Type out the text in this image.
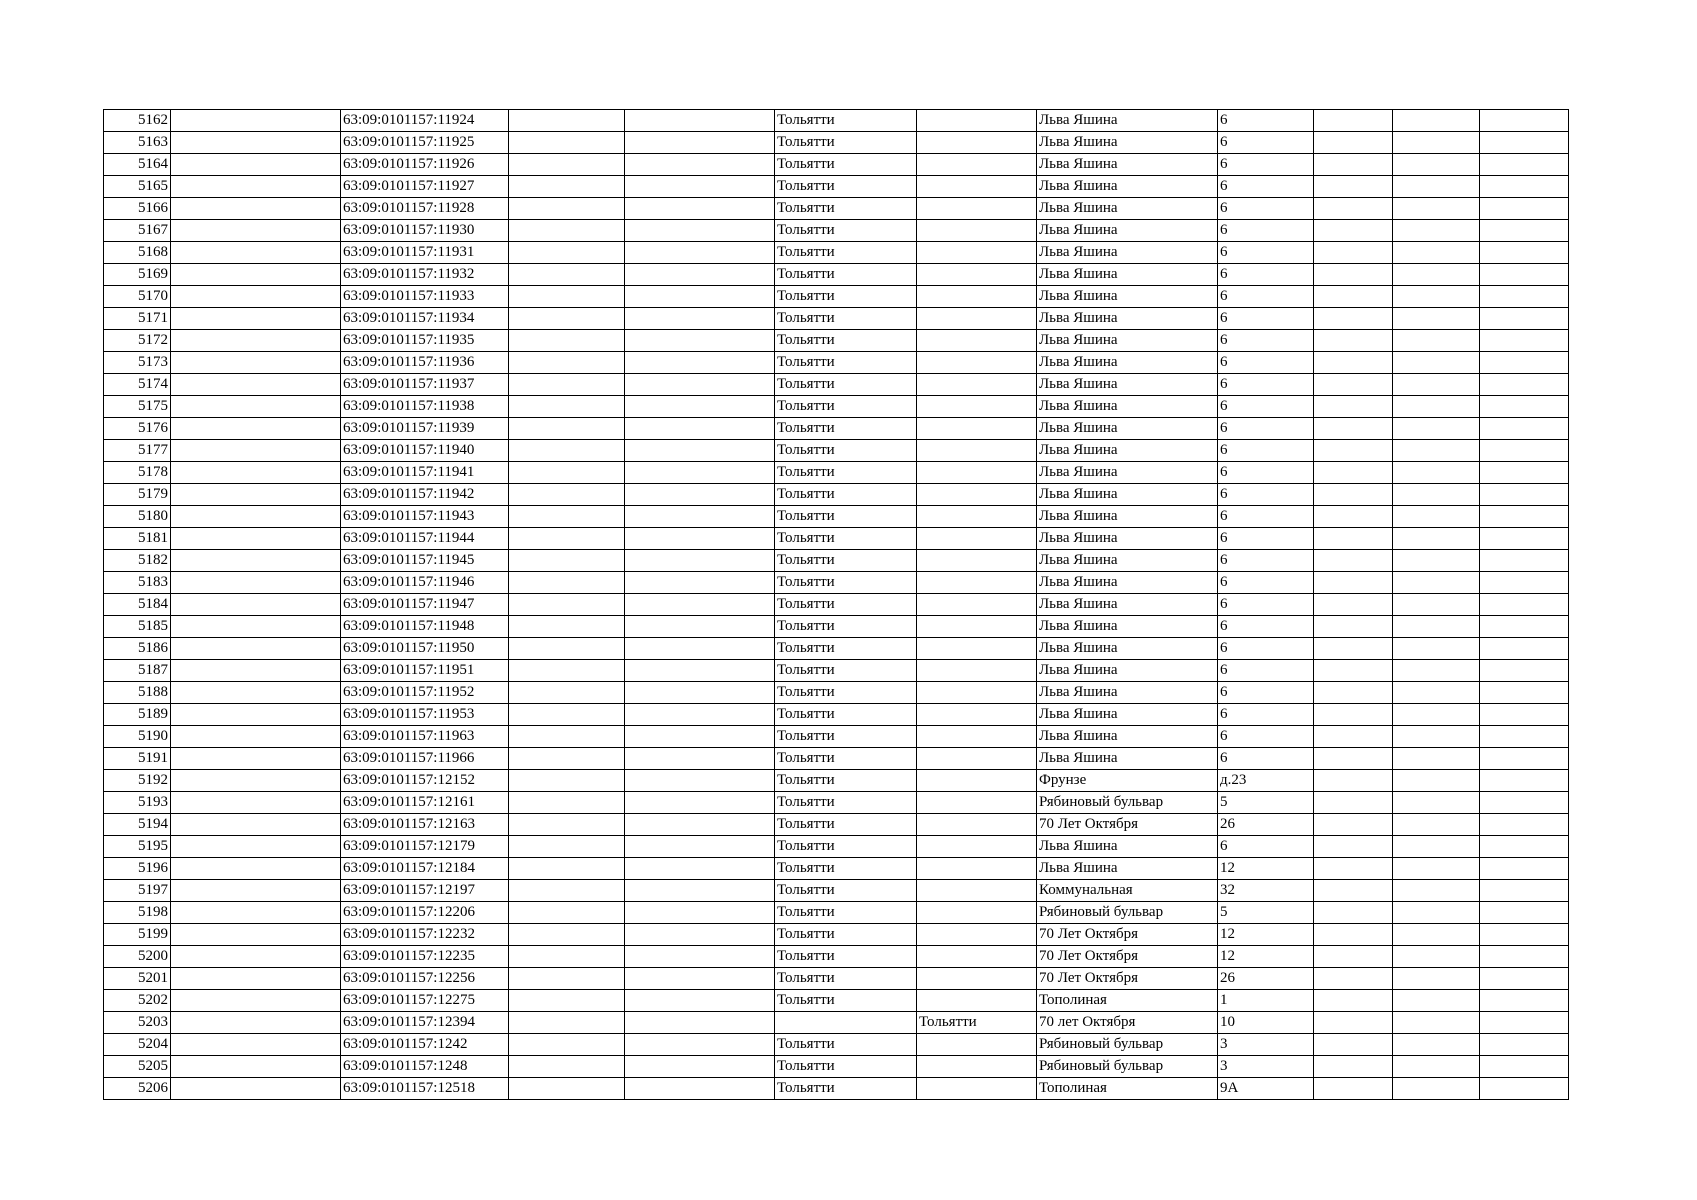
5162		63:09:0101157:11924			Тольятти		Льва Яшина	6			
5163		63:09:0101157:11925			Тольятти		Льва Яшина	6			
5164		63:09:0101157:11926			Тольятти		Льва Яшина	6			
5165		63:09:0101157:11927			Тольятти		Льва Яшина	6			
5166		63:09:0101157:11928			Тольятти		Льва Яшина	6			
5167		63:09:0101157:11930			Тольятти		Льва Яшина	6			
5168		63:09:0101157:11931			Тольятти		Льва Яшина	6			
5169		63:09:0101157:11932			Тольятти		Льва Яшина	6			
5170		63:09:0101157:11933			Тольятти		Льва Яшина	6			
5171		63:09:0101157:11934			Тольятти		Льва Яшина	6			
5172		63:09:0101157:11935			Тольятти		Льва Яшина	6			
5173		63:09:0101157:11936			Тольятти		Льва Яшина	6			
5174		63:09:0101157:11937			Тольятти		Льва Яшина	6			
5175		63:09:0101157:11938			Тольятти		Льва Яшина	6			
5176		63:09:0101157:11939			Тольятти		Льва Яшина	6			
5177		63:09:0101157:11940			Тольятти		Льва Яшина	6			
5178		63:09:0101157:11941			Тольятти		Льва Яшина	6			
5179		63:09:0101157:11942			Тольятти		Льва Яшина	6			
5180		63:09:0101157:11943			Тольятти		Льва Яшина	6			
5181		63:09:0101157:11944			Тольятти		Льва Яшина	6			
5182		63:09:0101157:11945			Тольятти		Льва Яшина	6			
5183		63:09:0101157:11946			Тольятти		Льва Яшина	6			
5184		63:09:0101157:11947			Тольятти		Льва Яшина	6			
5185		63:09:0101157:11948			Тольятти		Льва Яшина	6			
5186		63:09:0101157:11950			Тольятти		Льва Яшина	6			
5187		63:09:0101157:11951			Тольятти		Льва Яшина	6			
5188		63:09:0101157:11952			Тольятти		Льва Яшина	6			
5189		63:09:0101157:11953			Тольятти		Льва Яшина	6			
5190		63:09:0101157:11963			Тольятти		Льва Яшина	6			
5191		63:09:0101157:11966			Тольятти		Льва Яшина	6			
5192		63:09:0101157:12152			Тольятти		Фрунзе	д.23			
5193		63:09:0101157:12161			Тольятти		Рябиновый бульвар	5			
5194		63:09:0101157:12163			Тольятти		70 Лет Октября	26			
5195		63:09:0101157:12179			Тольятти		Льва Яшина	6			
5196		63:09:0101157:12184			Тольятти		Льва Яшина	12			
5197		63:09:0101157:12197			Тольятти		Коммунальная	32			
5198		63:09:0101157:12206			Тольятти		Рябиновый бульвар	5			
5199		63:09:0101157:12232			Тольятти		70 Лет Октября	12			
5200		63:09:0101157:12235			Тольятти		70 Лет Октября	12			
5201		63:09:0101157:12256			Тольятти		70 Лет Октября	26			
5202		63:09:0101157:12275			Тольятти		Тополиная	1			
5203		63:09:0101157:12394				Тольятти	70 лет Октября	10			
5204		63:09:0101157:1242			Тольятти		Рябиновый бульвар	3			
5205		63:09:0101157:1248			Тольятти		Рябиновый бульвар	3			
5206		63:09:0101157:12518			Тольятти		Тополиная	9А			
